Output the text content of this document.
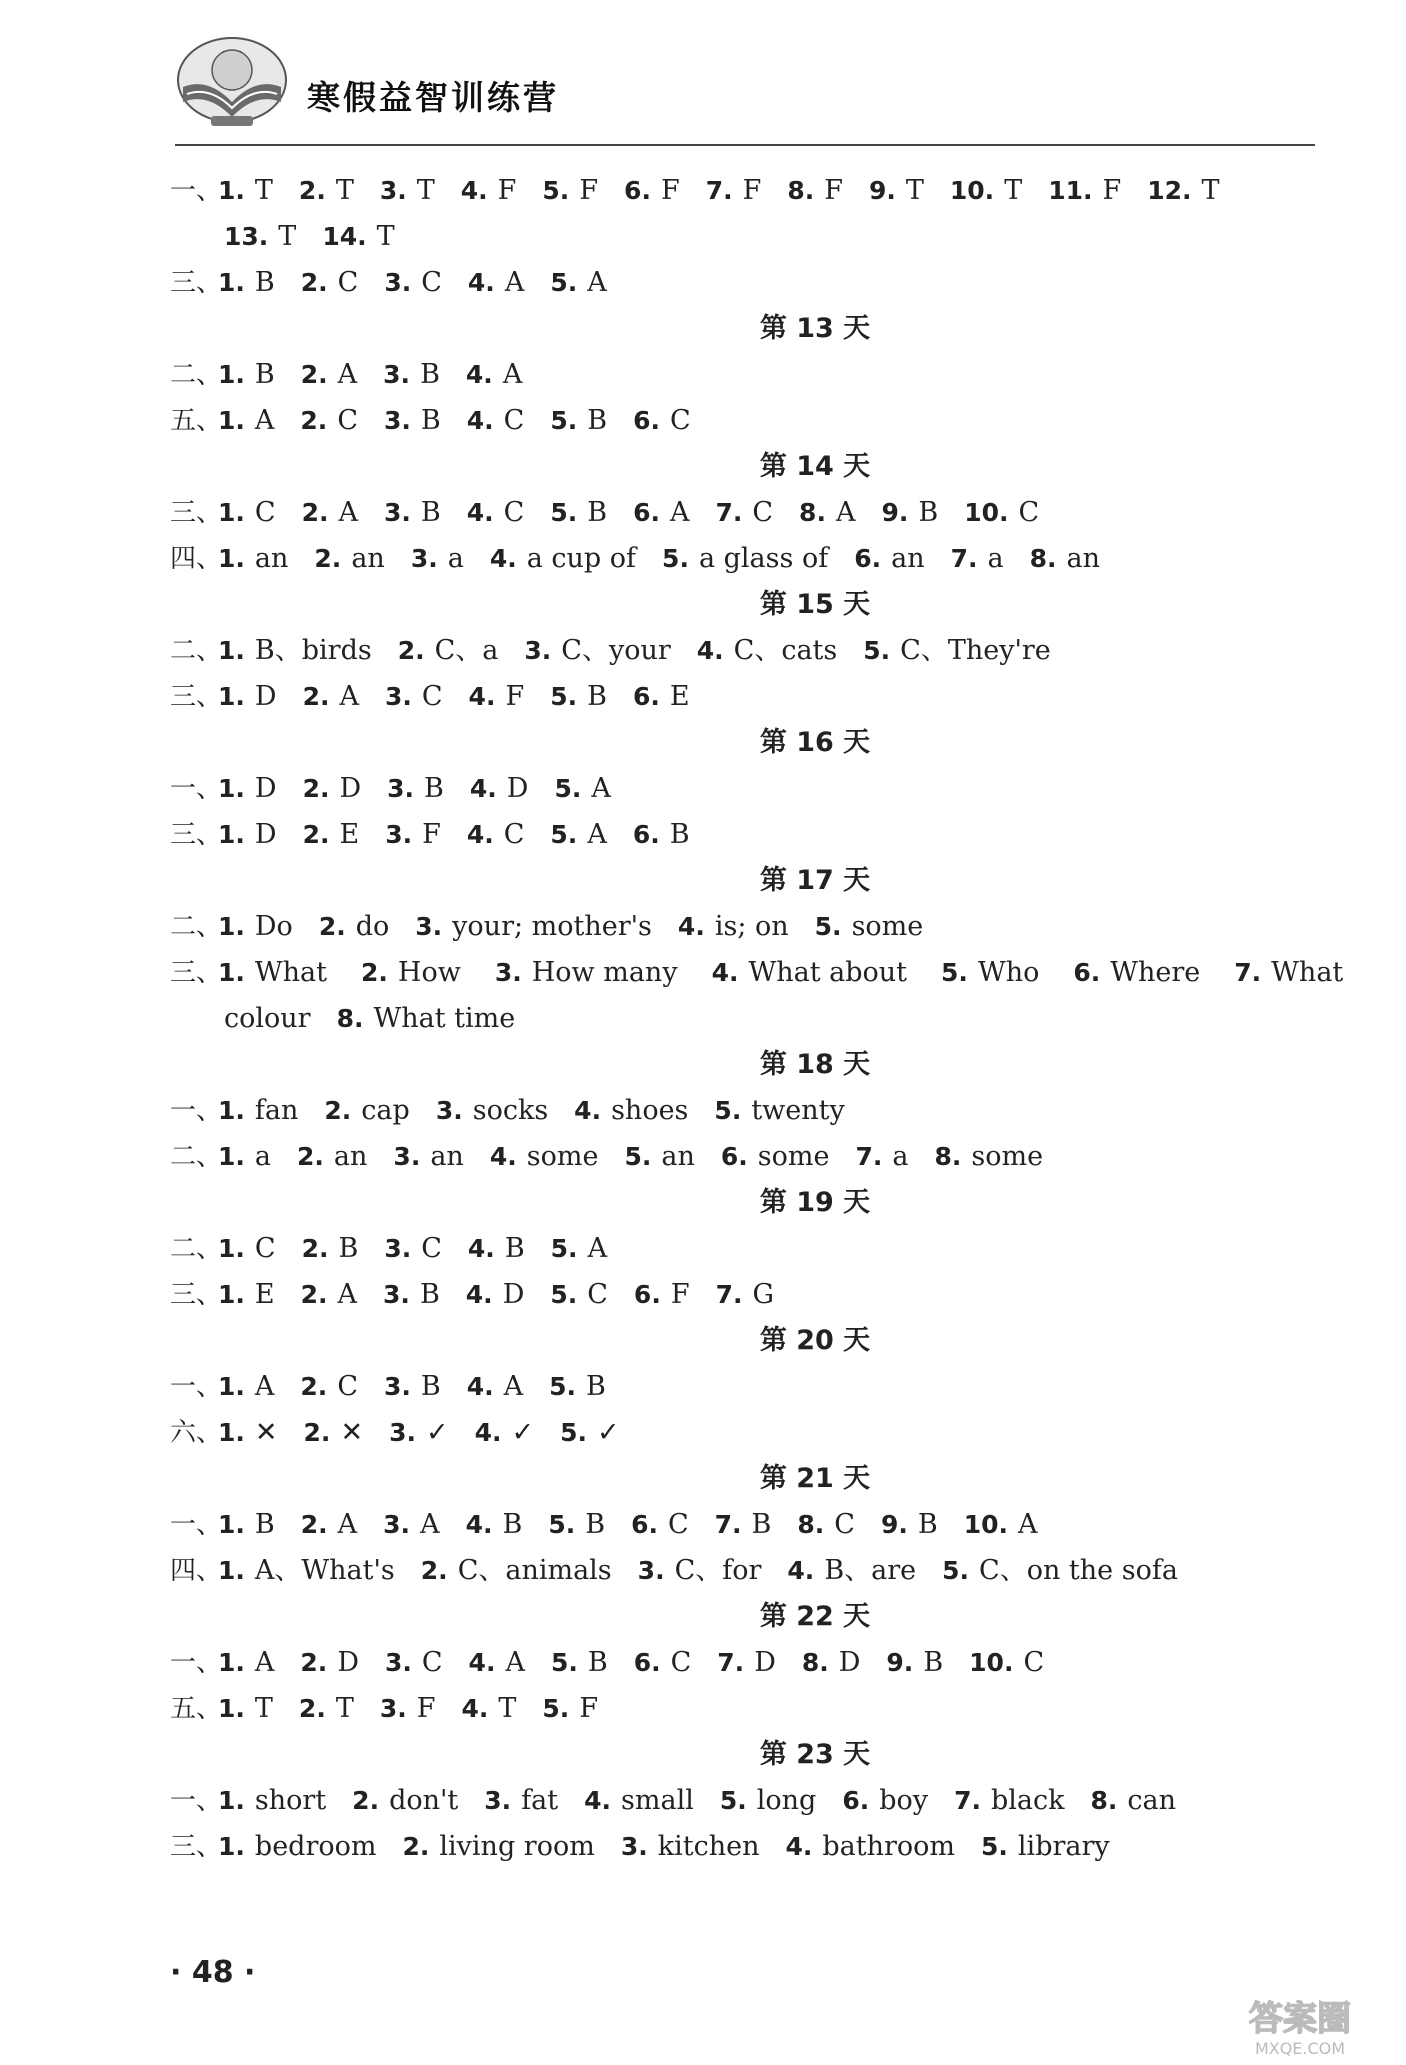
寒假益智训练营
一、1. T 2. T 3. T 4. F 5. F 6. F 7. F 8. F 9. T 10. T 11. F 12. T
13. T 14. T
三、1. B 2. C 3. C 4. A 5. A
第 13 天
二、1. B 2. A 3. B 4. A
五、1. A 2. C 3. B 4. C 5. B 6. C
第 14 天
三、1. C 2. A 3. B 4. C 5. B 6. A 7. C 8. A 9. B 10. C
四、1. an 2. an 3. a 4. a cup of 5. a glass of 6. an 7. a 8. an
第 15 天
二、1. B、birds 2. C、a 3. C、your 4. C、cats 5. C、They're
三、1. D 2. A 3. C 4. F 5. B 6. E
第 16 天
一、1. D 2. D 3. B 4. D 5. A
三、1. D 2. E 3. F 4. C 5. A 6. B
第 17 天
二、1. Do 2. do 3. your; mother's 4. is; on 5. some
三、1. What 2. How 3. How many 4. What about 5. Who 6. Where 7. What
colour 8. What time
第 18 天
一、1. fan 2. cap 3. socks 4. shoes 5. twenty
二、1. a 2. an 3. an 4. some 5. an 6. some 7. a 8. some
第 19 天
二、1. C 2. B 3. C 4. B 5. A
三、1. E 2. A 3. B 4. D 5. C 6. F 7. G
第 20 天
一、1. A 2. C 3. B 4. A 5. B
六、1. ✕ 2. ✕ 3. ✓ 4. ✓ 5. ✓
第 21 天
一、1. B 2. A 3. A 4. B 5. B 6. C 7. B 8. C 9. B 10. A
四、1. A、What's 2. C、animals 3. C、for 4. B、are 5. C、on the sofa
第 22 天
一、1. A 2. D 3. C 4. A 5. B 6. C 7. D 8. D 9. B 10. C
五、1. T 2. T 3. F 4. T 5. F
第 23 天
一、1. short 2. don't 3. fat 4. small 5. long 6. boy 7. black 8. can
三、1. bedroom 2. living room 3. kitchen 4. bathroom 5. library
· 48 ·
答案圈
MXQE.COM
